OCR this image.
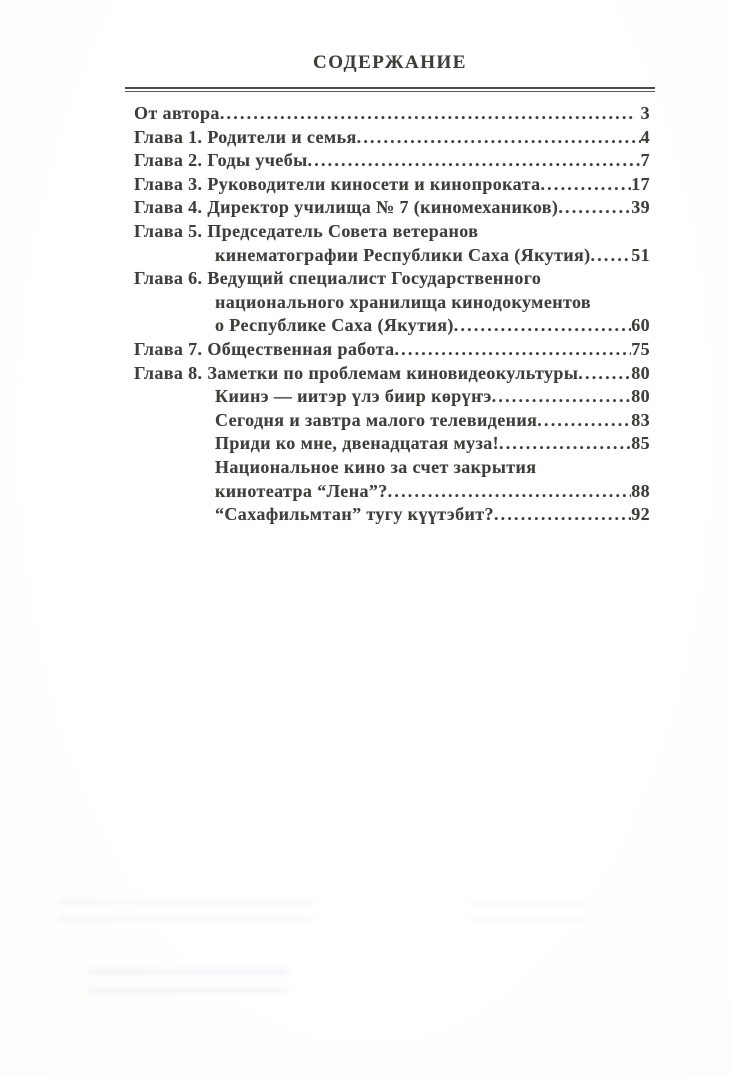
СОДЕРЖАНИЕ
От автора .....	3
Глава 1. Родители и семья .....	4
Глава 2. Годы учебы .....	7
Глава 3. Руководители киносети и кинопроката .....	17
Глава 4. Директор училища № 7 (киномехаников) .....	39
Глава 5. Председатель Совета ветеранов
кинематографии Республики Саха (Якутия) ..... 51
Глава 6. Ведущий специалист Государственного
национального хранилища кинодокументов
о Республике Саха (Якутия) .....	60
Глава 7. Общественная работа .....	75
Глава 8. Заметки по проблемам киновидеокультуры .....	80
Киинэ — иитэр үлэ биир көрүҥэ .....	80
Сегодня и завтра малого телевидения .....	83
Приди ко мне, двенадцатая муза! .....	85
Национальное кино за счет закрытия
кинотеатра “Лена”? .....	88
“Сахафильмтан” тугу күүтэбит? .....	92
